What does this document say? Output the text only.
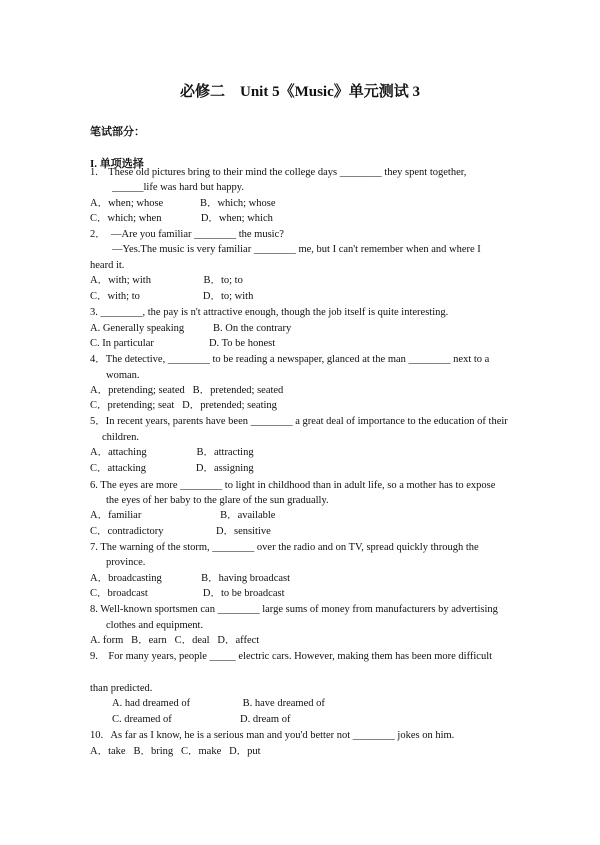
必修二　Unit 5《Music》单元测试 3
笔试部分：
I. 单项选择
1.    These old pictures bring to their mind the college days ________ they spent together,
______life was hard but happy.
A．when; whose              B．which; whose
C．which; when               D．when; which
2．  —Are you familiar ________ the music?
—Yes.The music is very familiar ________ me, but I can't remember when and where I
heard it.
A．with; with                    B．to; to
C．with; to                        D．to; with
3. ________, the pay is n't attractive enough, though the job itself is quite interesting.
A. Generally speaking           B. On the contrary
C. In particular                     D. To be honest
4．The detective, ________ to be reading a newspaper, glanced at the man ________ next to a
woman.
A．pretending; seated   B．pretended; seated
C．pretending; seat   D．pretended; seating
5．In recent years, parents have been ________ a great deal of importance to the education of their
children.
A．attaching                   B．attracting
C．attacking                   D．assigning
6. The eyes are more ________ to light in childhood than in adult life, so a mother has to expose
the eyes of her baby to the glare of the sun gradually.
A．familiar                              B．available
C．contradictory                    D．sensitive
7. The warning of the storm, ________ over the radio and on TV, spread quickly through the
province.
A．broadcasting               B．having broadcast
C．broadcast                     D．to be broadcast
8. Well-known sportsmen can ________ large sums of money from manufacturers by advertising
clothes and equipment.
A. form   B．earn   C．deal   D．affect
9.    For many years, people _____ electric cars. However, making them has been more difficult
than predicted.
A. had dreamed of                    B. have dreamed of
C. dreamed of                          D. dream of
10.   As far as I know, he is a serious man and you'd better not ________ jokes on him.
A．take   B．bring   C．make   D．put
